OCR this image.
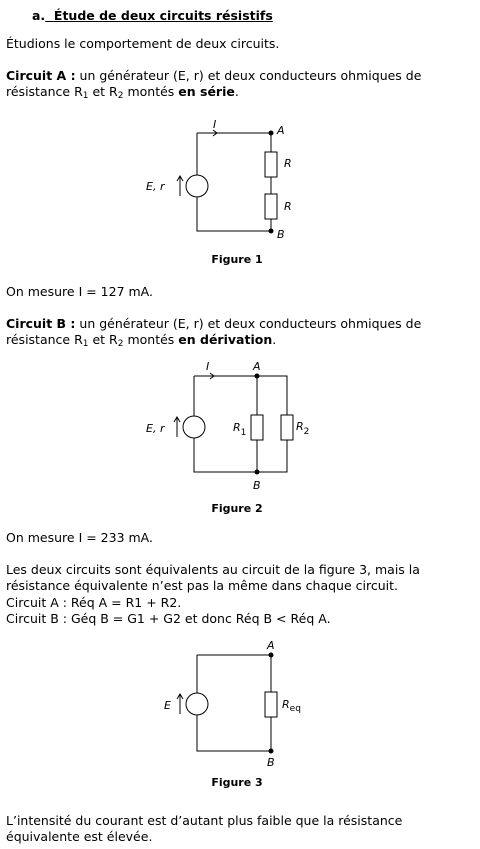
a. Étude de deux circuits résistifs
Étudions le comportement de deux circuits.
Circuit A : un générateur (E, r) et deux conducteurs ohmiques de
résistance $R_1$ et $R_2$ montés en série.
I	A
B
E, r
R
R
Figure 1
On mesure I = 127 mA.
Circuit B : un générateur (E, r) et deux conducteurs ohmiques de
résistance $R_1$ et $R_2$ montés en dérivation.
I	A
B
E, r	$R_1$	$R_2$
Figure 2
On mesure I = 233 mA.
Les deux circuits sont équivalents au circuit de la figure 3, mais la
résistance équivalente n’est pas la même dans chaque circuit.
Circuit A : Réq A = R1 + R2.
Circuit B : Géq B = G1 + G2 et donc Réq B < Réq A.
A
B
E	$R_{eq}$
Figure 3
L’intensité du courant est d’autant plus faible que la résistance
équivalente est élevée.
